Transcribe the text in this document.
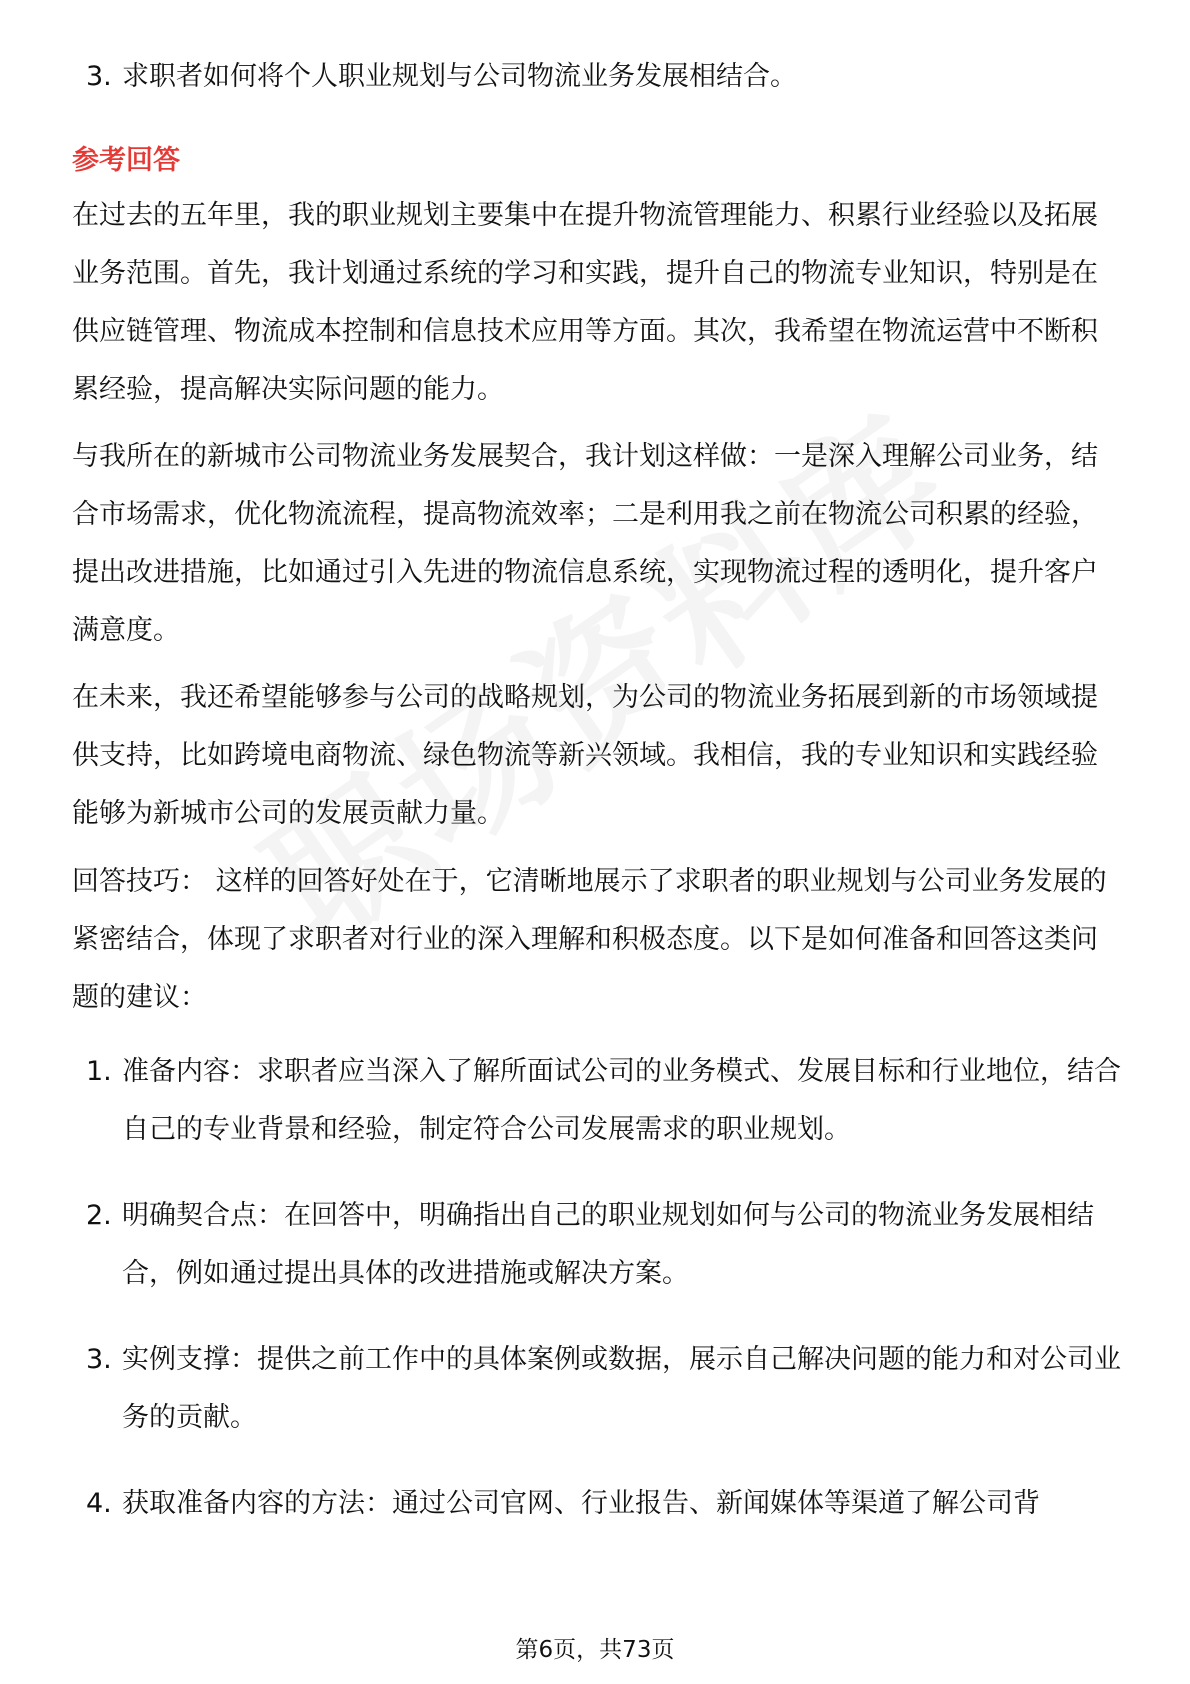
3. 求职者如何将个人职业规划与公司物流业务发展相结合。

参考回答

在过去的五年里，我的职业规划主要集中在提升物流管理能力、积累行业经验以及拓展业务范围。首先，我计划通过系统的学习和实践，提升自己的物流专业知识，特别是在供应链管理、物流成本控制和信息技术应用等方面。其次，我希望在物流运营中不断积累经验，提高解决实际问题的能力。

与我所在的新城市公司物流业务发展契合，我计划这样做：一是深入理解公司业务，结合市场需求，优化物流流程，提高物流效率；二是利用我之前在物流公司积累的经验，提出改进措施，比如通过引入先进的物流信息系统，实现物流过程的透明化，提升客户满意度。

在未来，我还希望能够参与公司的战略规划，为公司的物流业务拓展到新的市场领域提供支持，比如跨境电商物流、绿色物流等新兴领域。我相信，我的专业知识和实践经验能够为新城市公司的发展贡献力量。

回答技巧： 这样的回答好处在于，它清晰地展示了求职者的职业规划与公司业务发展的紧密结合，体现了求职者对行业的深入理解和积极态度。以下是如何准备和回答这类问题的建议：

1. 准备内容：求职者应当深入了解所面试公司的业务模式、发展目标和行业地位，结合自己的专业背景和经验，制定符合公司发展需求的职业规划。
2. 明确契合点：在回答中，明确指出自己的职业规划如何与公司的物流业务发展相结合，例如通过提出具体的改进措施或解决方案。
3. 实例支撑：提供之前工作中的具体案例或数据，展示自己解决问题的能力和对公司业务的贡献。
4. 获取准备内容的方法：通过公司官网、行业报告、新闻媒体等渠道了解公司背
第6页，共73页
